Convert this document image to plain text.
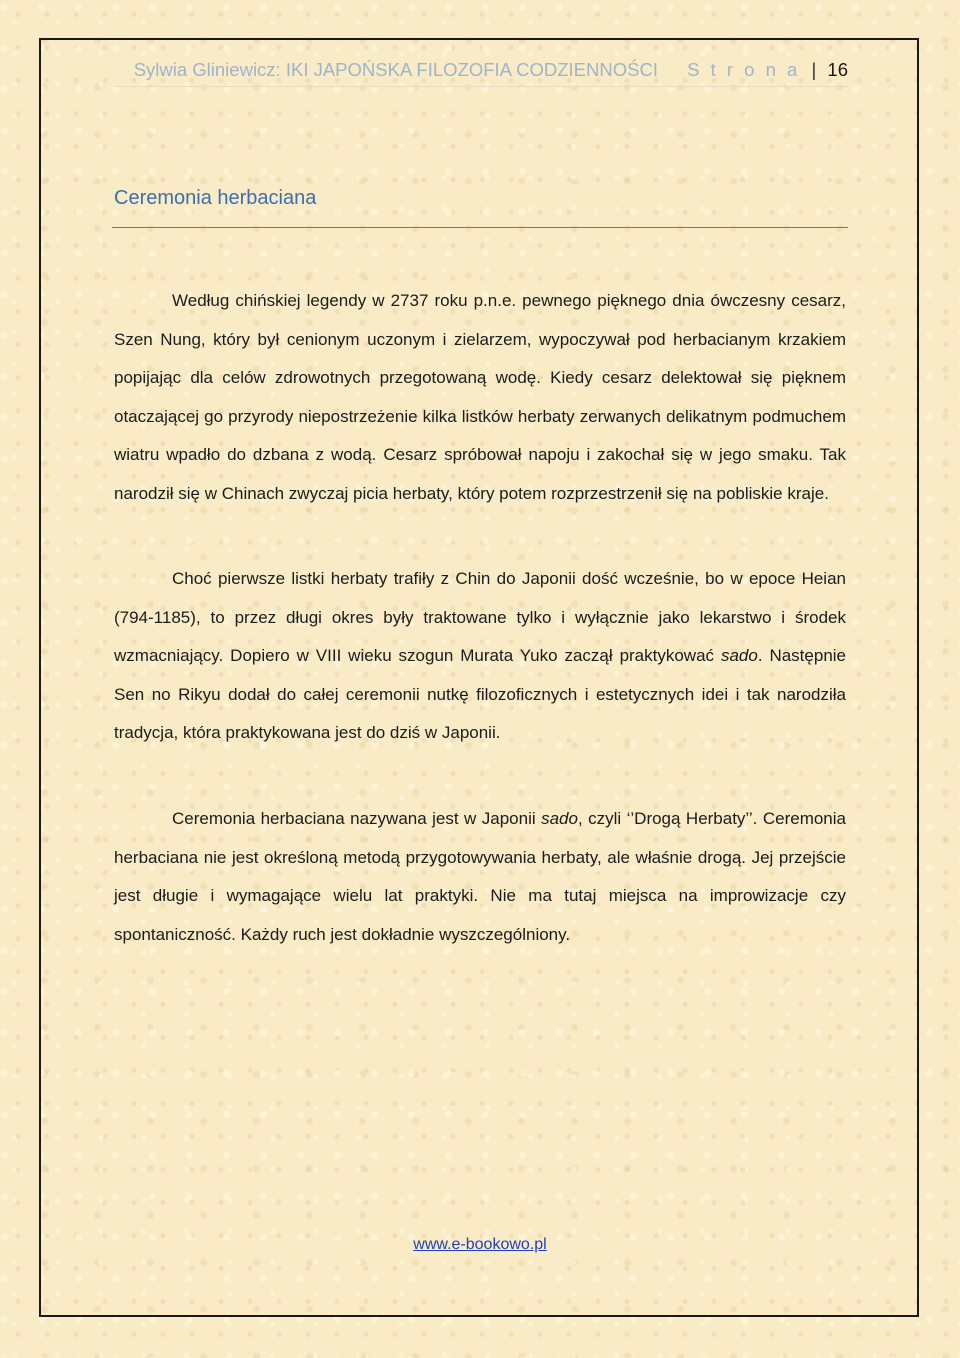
Sylwia Gliniewicz: IKI JAPOŃSKA FILOZOFIA CODZIENNOŚCI S t r o n a | 16
Ceremonia herbaciana

Według chińskiej legendy w 2737 roku p.n.e. pewnego pięknego dnia ówczesny cesarz, Szen Nung, który był cenionym uczonym i zielarzem, wypoczywał pod herbacianym krzakiem popijając dla celów zdrowotnych przegotowaną wodę. Kiedy cesarz delektował się pięknem otaczającej go przyrody niepostrzeżenie kilka listków herbaty zerwanych delikatnym podmuchem wiatru wpadło do dzbana z wodą. Cesarz spróbował napoju i zakochał się w jego smaku. Tak narodził się w Chinach zwyczaj picia herbaty, który potem rozprzestrzenił się na pobliskie kraje.

Choć pierwsze listki herbaty trafiły z Chin do Japonii dość wcześnie, bo w epoce Heian (794-1185), to przez długi okres były traktowane tylko i wyłącznie jako lekarstwo i środek wzmacniający. Dopiero w VIII wieku szogun Murata Yuko zaczął praktykować sado. Następnie Sen no Rikyu dodał do całej ceremonii nutkę filozoficznych i estetycznych idei i tak narodziła tradycja, która praktykowana jest do dziś w Japonii.

Ceremonia herbaciana nazywana jest w Japonii sado, czyli ‘’Drogą Herbaty’’. Ceremonia herbaciana nie jest określoną metodą przygotowywania herbaty, ale właśnie drogą. Jej przejście jest długie i wymagające wielu lat praktyki. Nie ma tutaj miejsca na improwizacje czy spontaniczność. Każdy ruch jest dokładnie wyszczególniony.

www.e-bookowo.pl
